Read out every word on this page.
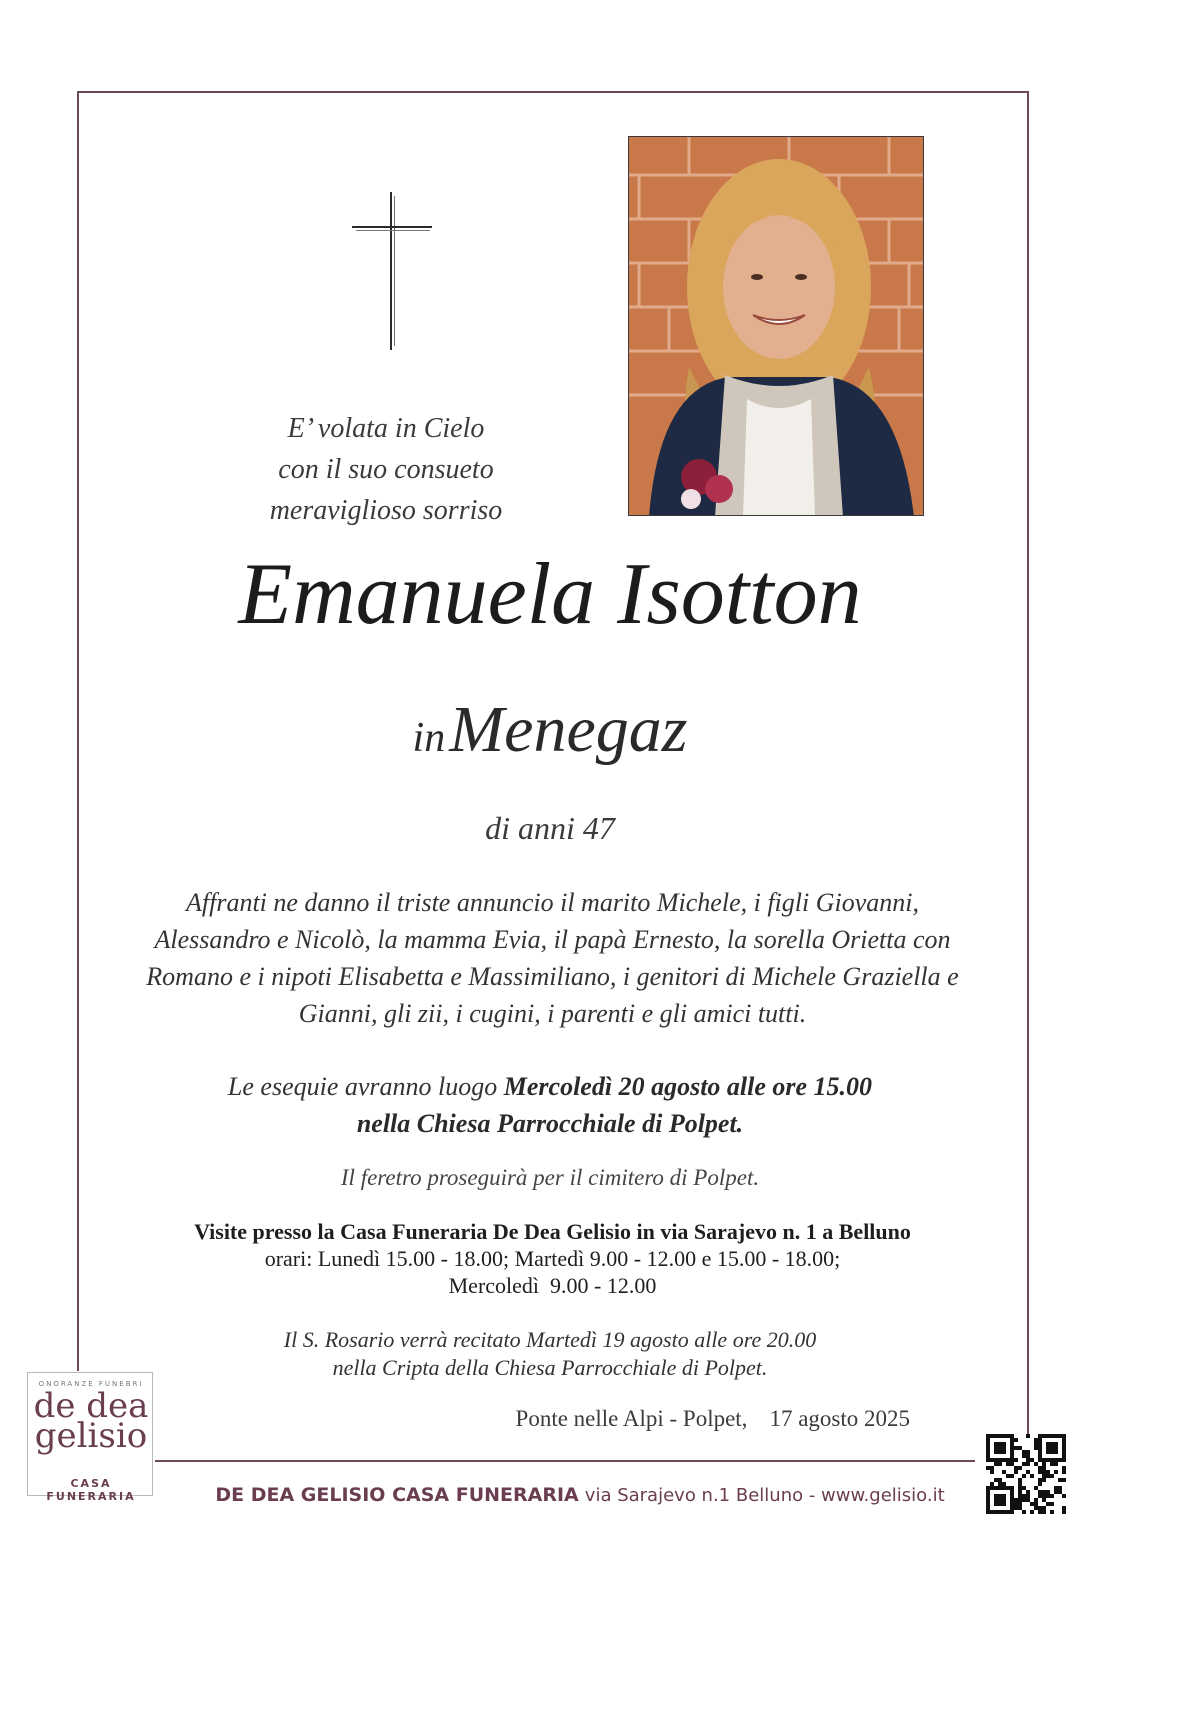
E’ volata in Cielo
con il suo consueto
meraviglioso sorriso
Emanuela Isotton
in Menegaz
di anni 47
Affranti ne danno il triste annuncio il marito Michele, i figli Giovanni,
Alessandro e Nicolò, la mamma Evia, il papà Ernesto, la sorella Orietta con
Romano e i nipoti Elisabetta e Massimiliano, i genitori di Michele Graziella e
Gianni, gli zii, i cugini, i parenti e gli amici tutti.
Le esequie avranno luogo Mercoledì 20 agosto alle ore 15.00
nella Chiesa Parrocchiale di Polpet.
Il feretro proseguirà per il cimitero di Polpet.
Visite presso la Casa Funeraria De Dea Gelisio in via Sarajevo n. 1 a Belluno
orari: Lunedì 15.00 - 18.00; Martedì 9.00 - 12.00 e 15.00 - 18.00;
Mercoledì  9.00 - 12.00
Il S. Rosario verrà recitato Martedì 19 agosto alle ore 20.00
nella Cripta della Chiesa Parrocchiale di Polpet.
Ponte nelle Alpi - Polpet, 17 agosto 2025
ONORANZE FUNEBRI
de dea
gelisio
CASA FUNERARIA	DE DEA GELISIO CASA FUNERARIA via Sarajevo n.1 Belluno - www.gelisio.it
